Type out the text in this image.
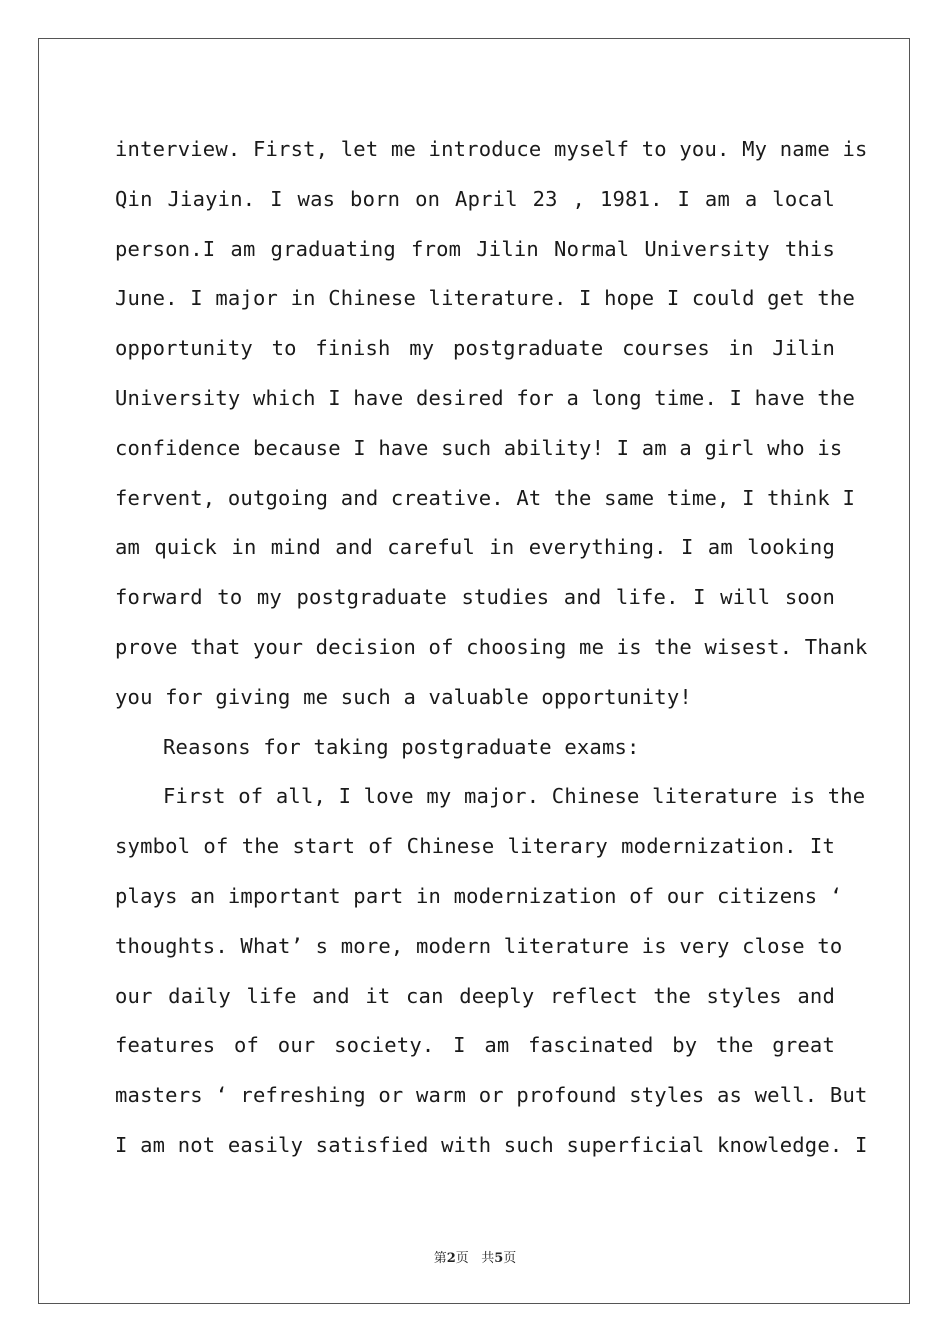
interview. First, let me introduce myself to you. My name is
Qin Jiayin. I was born on April 23 , 1981. I am a local
person.I am graduating from Jilin Normal University this
June. I major in Chinese literature. I hope I could get the
opportunity to finish my postgraduate courses in Jilin
University which I have desired for a long time. I have the
confidence because I have such ability! I am a girl who is
fervent, outgoing and creative. At the same time, I think I
am quick in mind and careful in everything. I am looking
forward to my postgraduate studies and life. I will soon
prove that your decision of choosing me is the wisest. Thank
you for giving me such a valuable opportunity!
Reasons for taking postgraduate exams:
First of all, I love my major. Chinese literature is the
symbol of the start of Chinese literary modernization. It
plays an important part in modernization of our citizens ‘
thoughts. What’ s more, modern literature is very close to
our daily life and it can deeply reflect the styles and
features of our society. I am fascinated by the great
masters ‘ refreshing or warm or profound styles as well. But
I am not easily satisfied with such superficial knowledge. I
第2页 共5页
